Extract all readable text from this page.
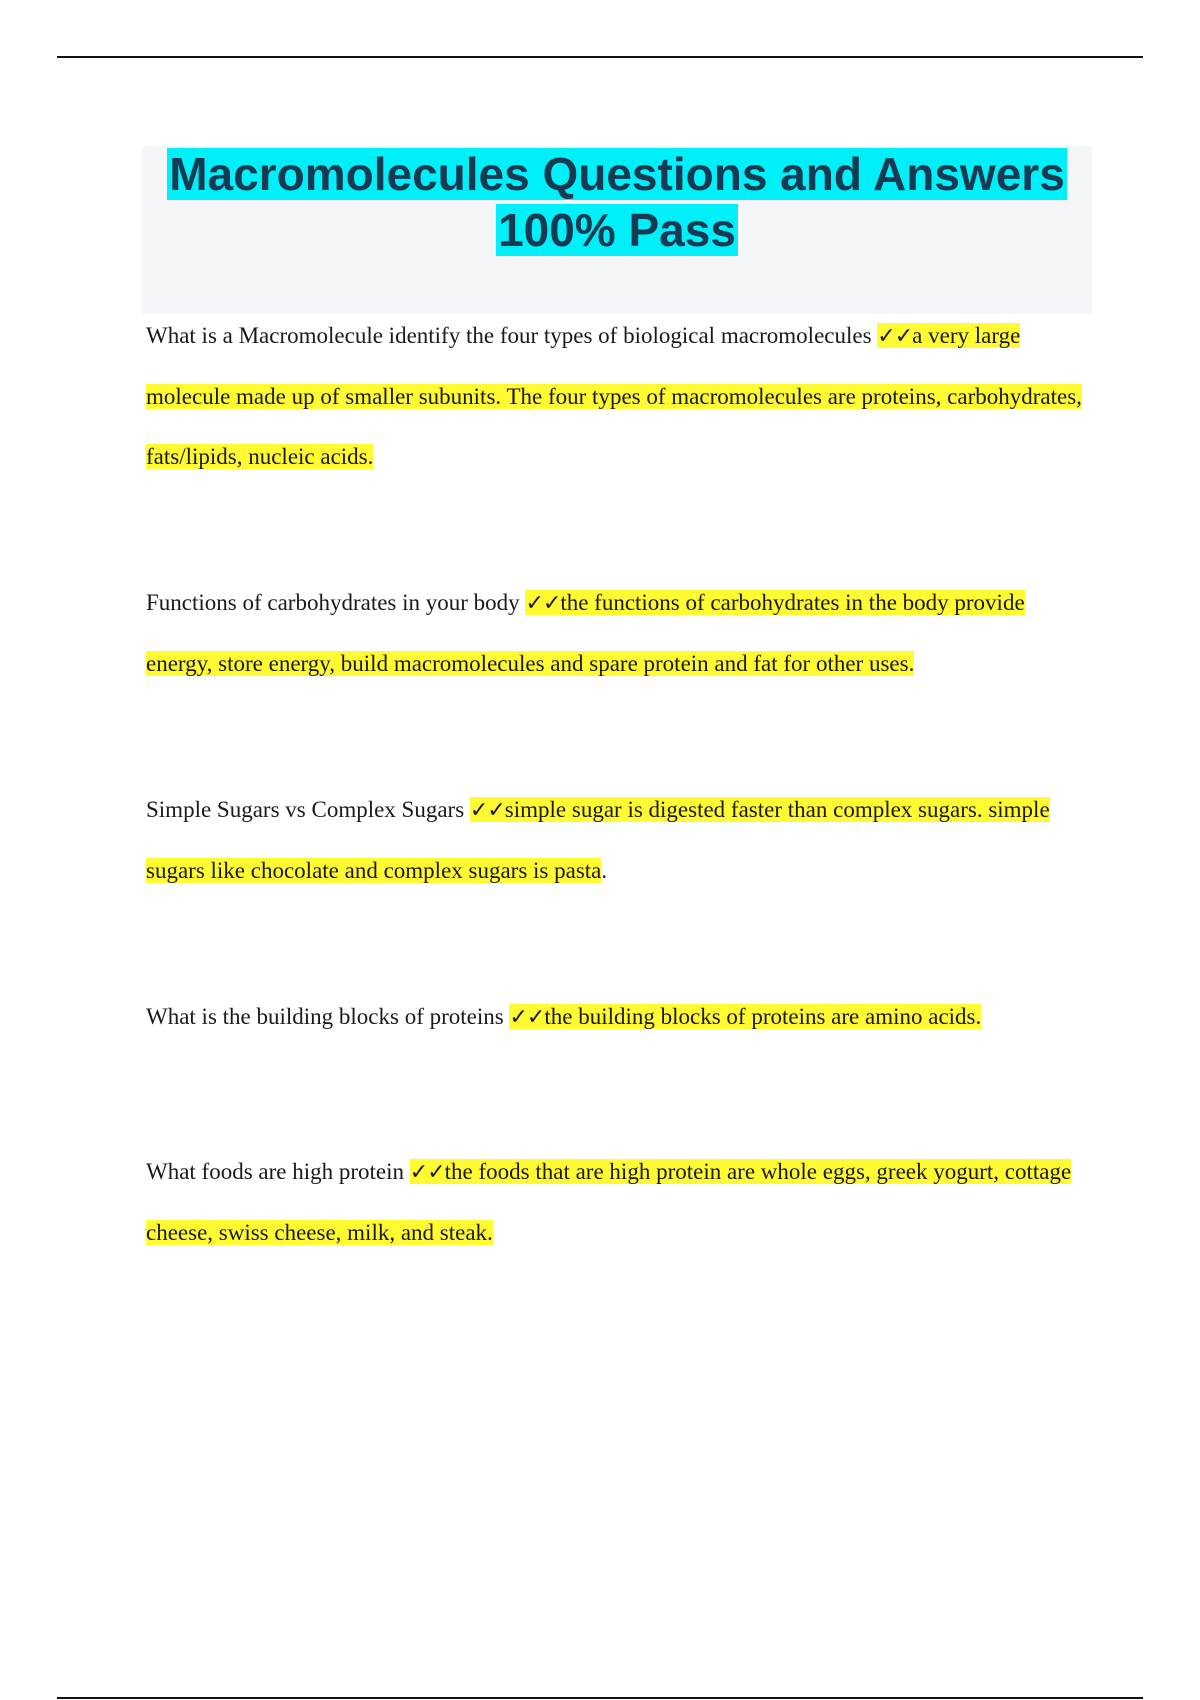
Macromolecules Questions and Answers
100% Pass

What is a Macromolecule identify the four types of biological macromolecules ✓✓a very large molecule made up of smaller subunits. The four types of macromolecules are proteins, carbohydrates, fats/lipids, nucleic acids.

Functions of carbohydrates in your body ✓✓the functions of carbohydrates in the body provide energy, store energy, build macromolecules and spare protein and fat for other uses.

Simple Sugars vs Complex Sugars ✓✓simple sugar is digested faster than complex sugars. simple sugars like chocolate and complex sugars is pasta.

What is the building blocks of proteins ✓✓the building blocks of proteins are amino acids.

What foods are high protein ✓✓the foods that are high protein are whole eggs, greek yogurt, cottage cheese, swiss cheese, milk, and steak.
